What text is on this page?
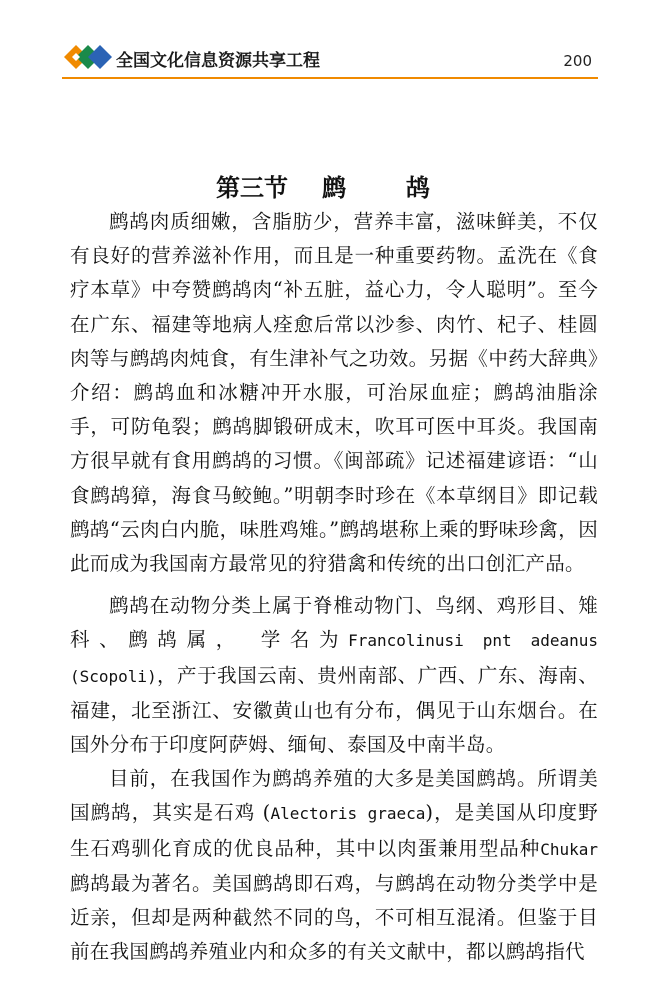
全国文化信息资源共享工程	200
第三节 鹧	鸪

鹧鸪肉质细嫩，含脂肪少，营养丰富，滋味鲜美，不仅有良好的营养滋补作用，而且是一种重要药物。孟洗在《食疗本草》中夸赞鹧鸪肉“补五脏，益心力，令人聪明”。至今在广东、福建等地病人痊愈后常以沙参、肉竹、杞子、桂圆肉等与鹧鸪肉炖食，有生津补气之功效。另据《中药大辞典》介绍：鹧鸪血和冰糖冲开水服，可治尿血症；鹧鸪油脂涂手，可防龟裂；鹧鸪脚锻研成末，吹耳可医中耳炎。我国南方很早就有食用鹧鸪的习惯。《闽部疏》记述福建谚语：“山食鹧鸪獐，海食马鲛鲍。”明朝李时珍在《本草纲目》即记载鹧鸪“云肉白内脆，味胜鸡雉。”鹧鸪堪称上乘的野味珍禽，因此而成为我国南方最常见的狩猎禽和传统的出口创汇产品。

鹧鸪在动物分类上属于脊椎动物门、鸟纲、鸡形目、雉科、鹧鸪属， 学名为Francolinusi pnt adeanus (Scopoli)，产于我国云南、贵州南部、广西、广东、海南、福建，北至浙江、安徽黄山也有分布，偶见于山东烟台。在国外分布于印度阿萨姆、缅甸、泰国及中南半岛。

目前，在我国作为鹧鸪养殖的大多是美国鹧鸪。所谓美国鹧鸪，其实是石鸡 (Alectoris graeca)，是美国从印度野生石鸡驯化育成的优良品种，其中以肉蛋兼用型品种Chukar鹧鸪最为著名。美国鹧鸪即石鸡，与鹧鸪在动物分类学中是近亲，但却是两种截然不同的鸟，不可相互混淆。但鉴于目前在我国鹧鸪养殖业内和众多的有关文献中，都以鹧鸪指代
